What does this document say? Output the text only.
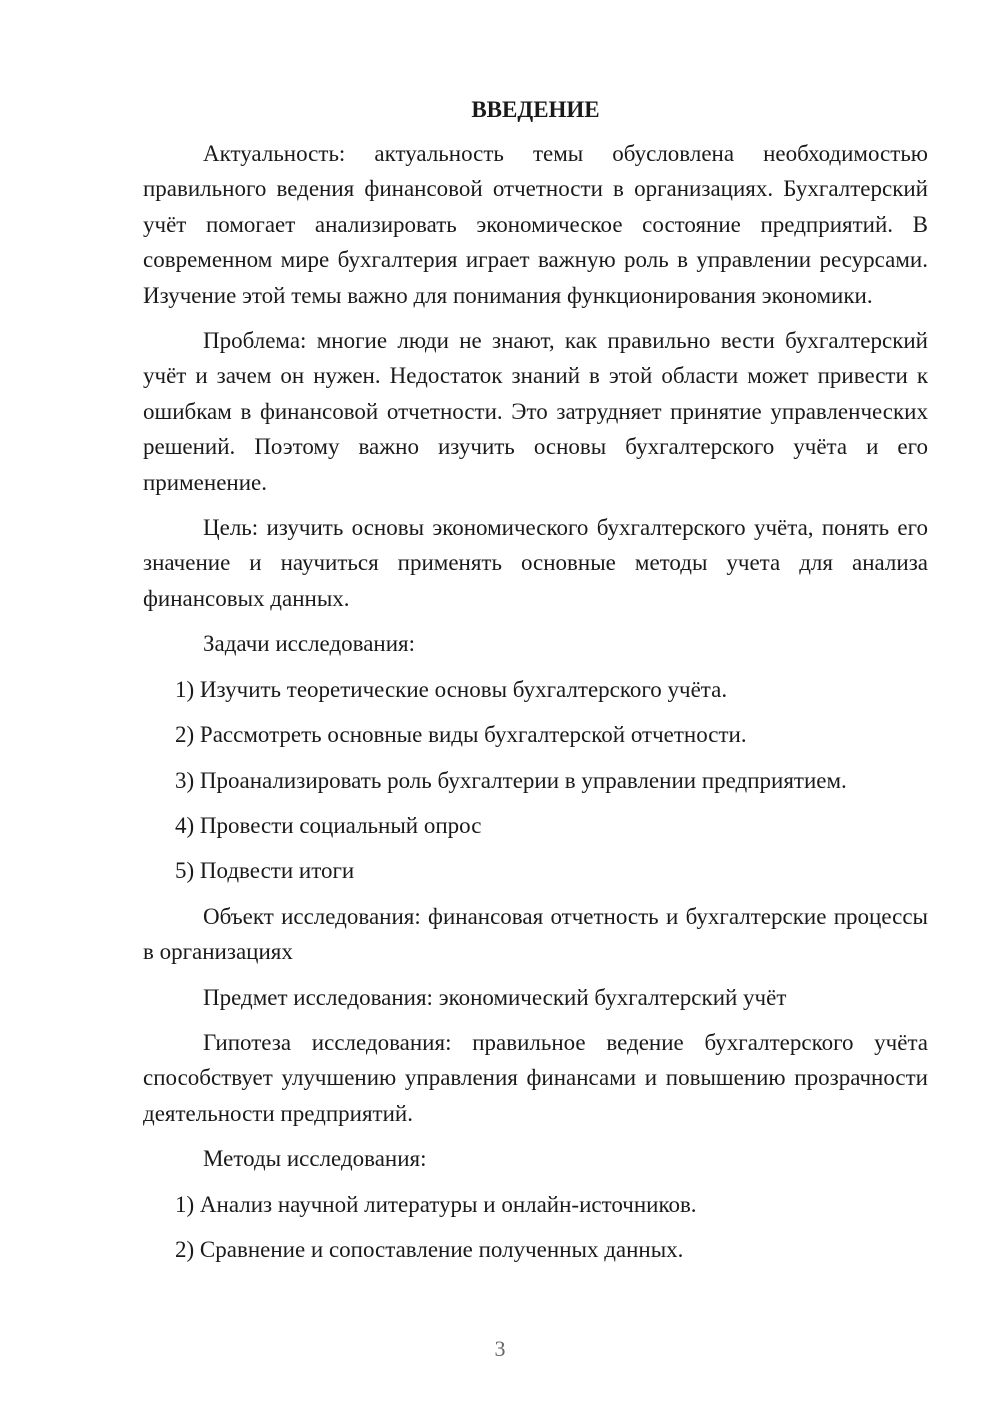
ВВЕДЕНИЕ

Актуальность: актуальность темы обусловлена необходимостью правильного ведения финансовой отчетности в организациях. Бухгалтерский учёт помогает анализировать экономическое состояние предприятий. В современном мире бухгалтерия играет важную роль в управлении ресурсами. Изучение этой темы важно для понимания функционирования экономики.

Проблема: многие люди не знают, как правильно вести бухгалтерский учёт и зачем он нужен. Недостаток знаний в этой области может привести к ошибкам в финансовой отчетности. Это затрудняет принятие управленческих решений. Поэтому важно изучить основы бухгалтерского учёта и его применение.

Цель: изучить основы экономического бухгалтерского учёта, понять его значение и научиться применять основные методы учета для анализа финансовых данных.

Задачи исследования:

1) Изучить теоретические основы бухгалтерского учёта.

2) Рассмотреть основные виды бухгалтерской отчетности.

3) Проанализировать роль бухгалтерии в управлении предприятием.

4) Провести социальный опрос

5) Подвести итоги

Объект исследования: финансовая отчетность и бухгалтерские процессы в организациях

Предмет исследования: экономический бухгалтерский учёт

Гипотеза исследования: правильное ведение бухгалтерского учёта способствует улучшению управления финансами и повышению прозрачности деятельности предприятий.

Методы исследования:

1) Анализ научной литературы и онлайн-источников.

2) Сравнение и сопоставление полученных данных.

3
